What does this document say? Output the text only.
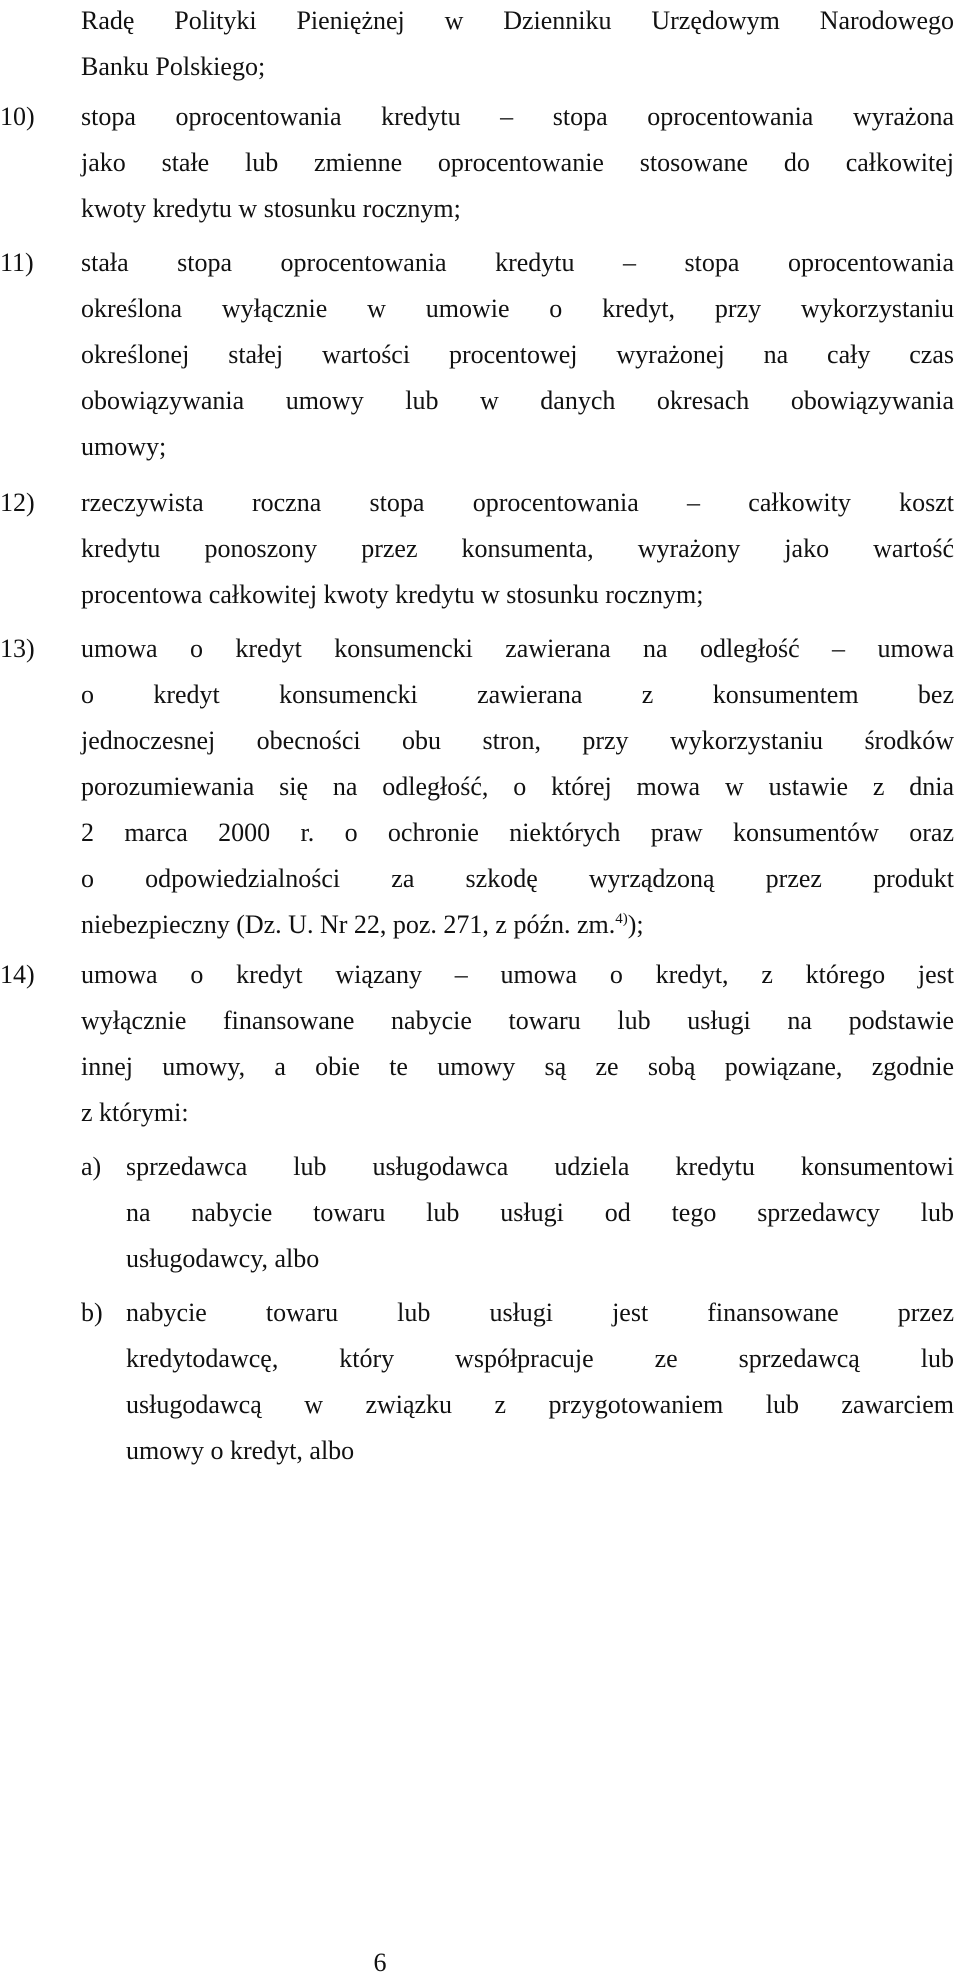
Radę Polityki Pieniężnej w Dzienniku Urzędowym Narodowego

Banku Polskiego;

10)	stopa oprocentowania kredytu – stopa oprocentowania wyrażona

jako stałe lub zmienne oprocentowanie stosowane do całkowitej

kwoty kredytu w stosunku rocznym;

11)	stała stopa oprocentowania kredytu – stopa oprocentowania

określona wyłącznie w umowie o kredyt, przy wykorzystaniu

określonej stałej wartości procentowej wyrażonej na cały czas

obowiązywania umowy lub w danych okresach obowiązywania

umowy;

12)	rzeczywista roczna stopa oprocentowania – całkowity koszt

kredytu ponoszony przez konsumenta, wyrażony jako wartość

procentowa całkowitej kwoty kredytu w stosunku rocznym;

13)	umowa o kredyt konsumencki zawierana na odległość – umowa

o kredyt konsumencki zawierana z konsumentem bez

jednoczesnej obecności obu stron, przy wykorzystaniu środków

porozumiewania się na odległość, o której mowa w ustawie z dnia

2 marca 2000 r. o ochronie niektórych praw konsumentów oraz

o odpowiedzialności za szkodę wyrządzoną przez produkt

niebezpieczny (Dz. U. Nr 22, poz. 271, z późn. zm.$^{4)}$);

14)	umowa o kredyt wiązany – umowa o kredyt, z którego jest

wyłącznie finansowane nabycie towaru lub usługi na podstawie

innej umowy, a obie te umowy są ze sobą powiązane, zgodnie

z którymi:

a) sprzedawca lub usługodawca udziela kredytu konsumentowi

na nabycie towaru lub usługi od tego sprzedawcy lub

usługodawcy, albo

b) nabycie towaru lub usługi jest finansowane przez

kredytodawcę, który współpracuje ze sprzedawcą lub

usługodawcą w związku z przygotowaniem lub zawarciem

umowy o kredyt, albo

6
